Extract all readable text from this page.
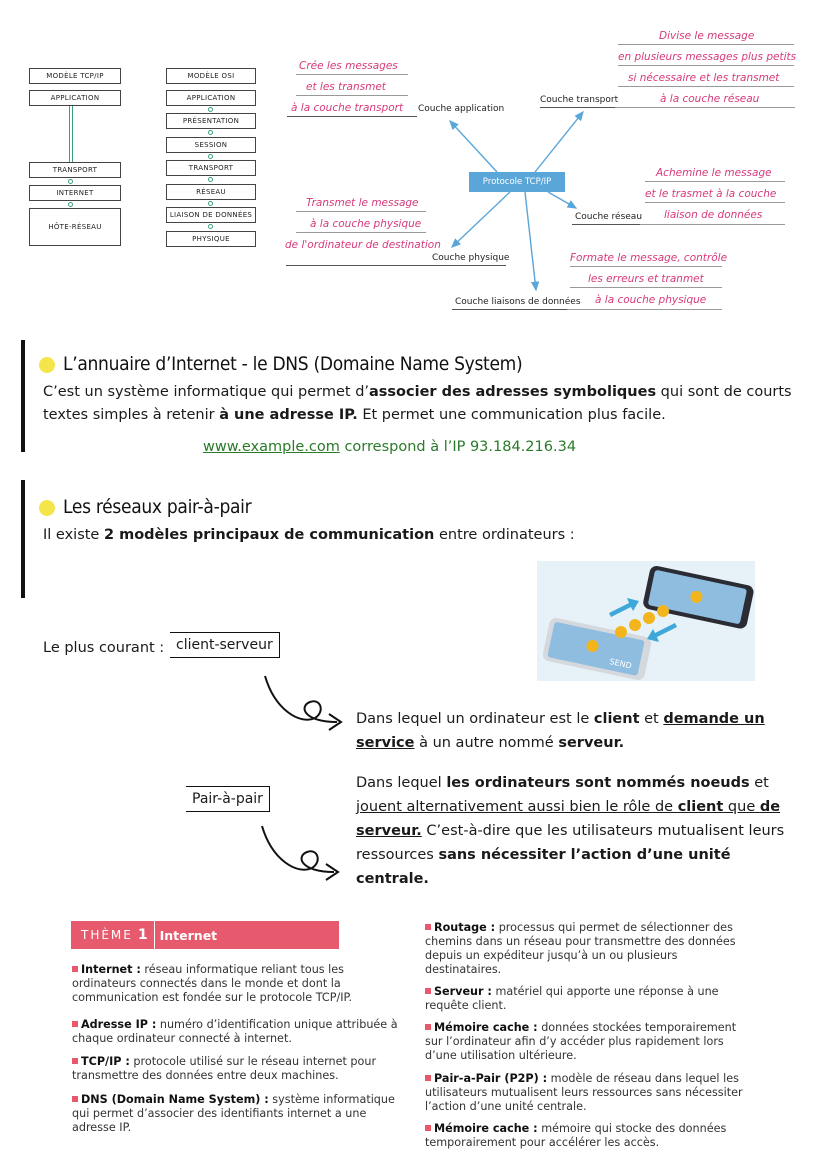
MODÈLE TCP/IP
APPLICATION
TRANSPORT
INTERNET
HÔTE-RÉSEAU
MODÈLE OSI
APPLICATION
PRÉSENTATION
SESSION
TRANSPORT
RÉSEAU
LIAISON DE DONNÉES
PHYSIQUE
Protocole TCP/IP
Couche application
Crée les messages
et les transmet
à la couche transport
Couche transport
Divise le message
en plusieurs messages plus petits
si nécessaire et les transmet
à la couche réseau
Couche réseau
Achemine le message
et le trasmet à la couche
liaison de données
Couche physique
Transmet le message
à la couche physique
de l'ordinateur de destination
Couche liaisons de données
Formate le message, contrôle
les erreurs et tranmet
à la couche physique
L’annuaire d’Internet - le DNS (Domaine Name System)
C’est un système informatique qui permet d’associer des adresses symboliques qui sont de courts textes simples à retenir à une adresse IP. Et permet une communication plus facile.
www.example.com correspond à l’IP 93.184.216.34
Les réseaux pair-à-pair
Il existe 2 modèles principaux de communication entre ordinateurs :
SEND
Le plus courant : client-serveur
Dans lequel un ordinateur est le client et demande un service à un autre nommé serveur.
Pair-à-pair
Dans lequel les ordinateurs sont nommés noeuds et jouent alternativement aussi bien le rôle de client que de serveur. C’est-à-dire que les utilisateurs mutualisent leurs ressources sans nécessiter l’action d’une unité centrale.
THÈME 1 Internet
Internet : réseau informatique reliant tous les ordinateurs connectés dans le monde et dont la communication est fondée sur le protocole TCP/IP.
Adresse IP : numéro d’identification unique attribuée à chaque ordinateur connecté à internet.
TCP/IP : protocole utilisé sur le réseau internet pour transmettre des données entre deux machines.
DNS (Domain Name System) : système informatique qui permet d’associer des identifiants internet a une adresse IP.
Routage : processus qui permet de sélectionner des chemins dans un réseau pour transmettre des données depuis un expéditeur jusqu’à un ou plusieurs destinataires.
Serveur : matériel qui apporte une réponse à une requête client.
Mémoire cache : données stockées temporairement sur l’ordinateur afin d’y accéder plus rapidement lors d’une utilisation ultérieure.
Pair-a-Pair (P2P) : modèle de réseau dans lequel les utilisateurs mutualisent leurs ressources sans nécessiter l’action d’une unité centrale.
Mémoire cache : mémoire qui stocke des données temporairement pour accélérer les accès.
